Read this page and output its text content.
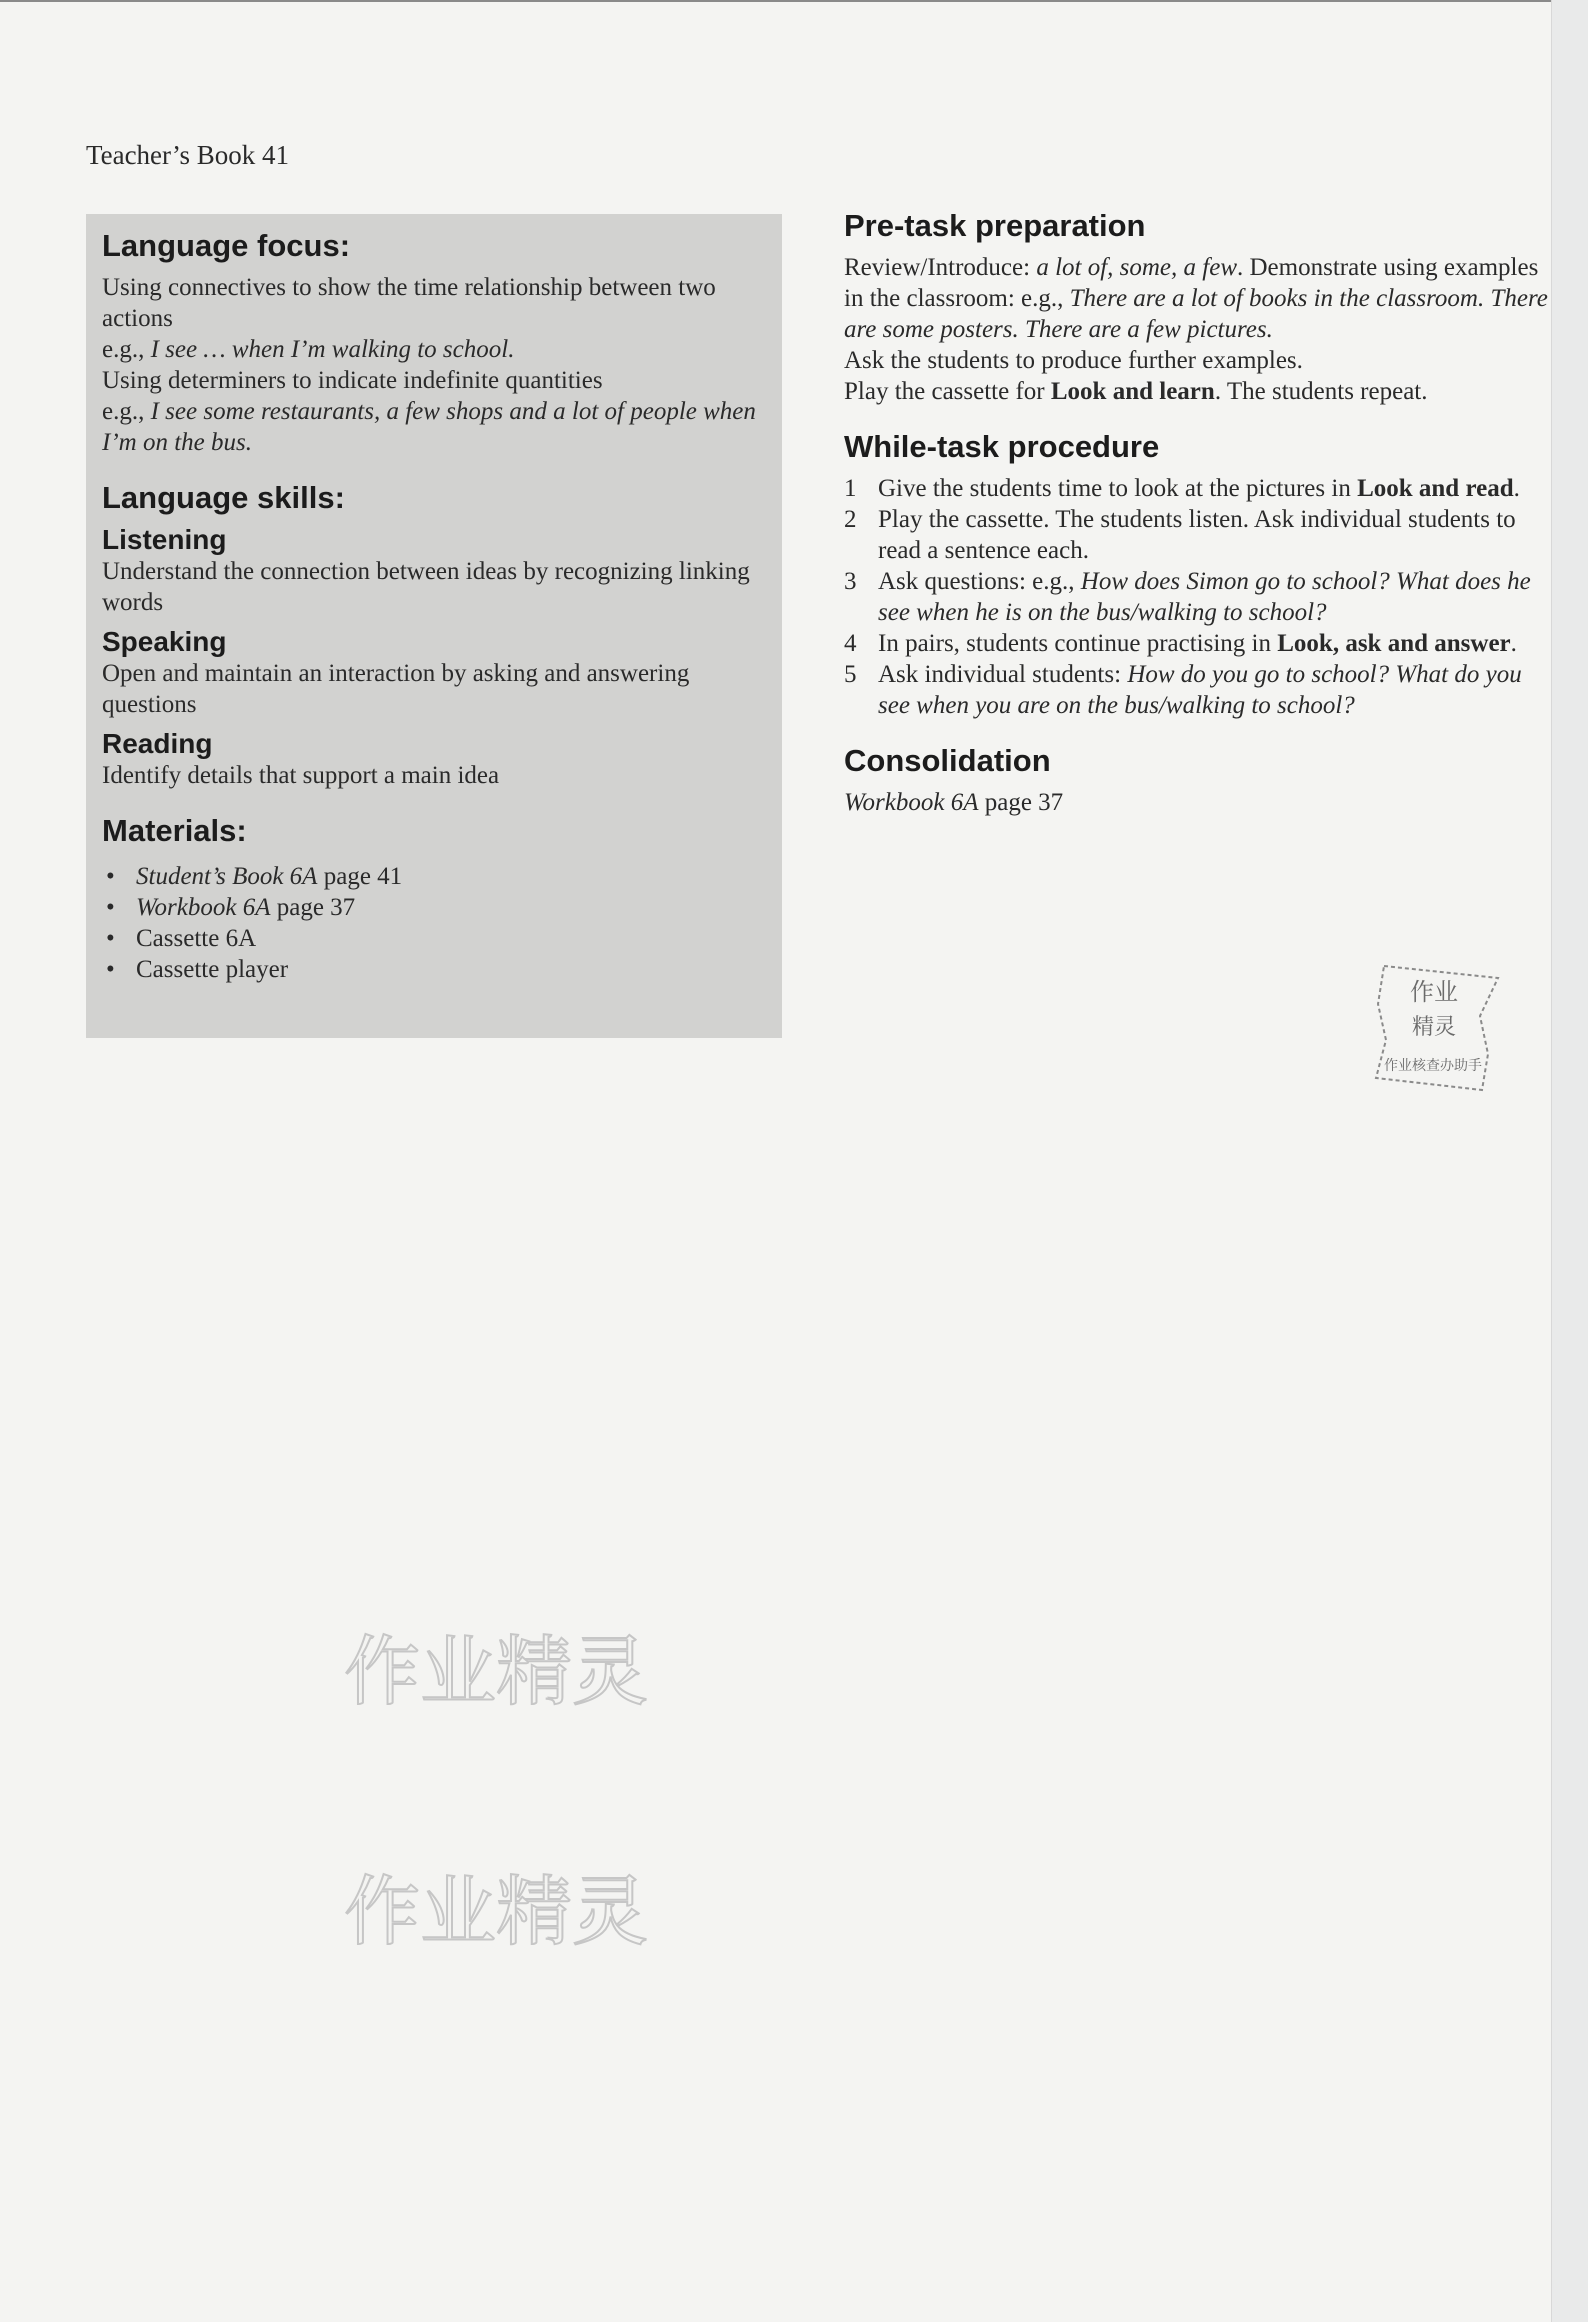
Teacher’s Book 41
Language focus:

Using connectives to show the time relationship between two actions

e.g., I see … when I’m walking to school.

Using determiners to indicate indefinite quantities

e.g., I see some restaurants, a few shops and a lot of people when I’m on the bus.

Language skills:
Listening

Understand the connection between ideas by recognizing linking words

Speaking

Open and maintain an interaction by asking and answering questions

Reading

Identify details that support a main idea

Materials:
• Student’s Book 6A page 41
• Workbook 6A page 37
• Cassette 6A
• Cassette player
Pre-task preparation

Review/Introduce: a lot of, some, a few. Demonstrate using examples in the classroom: e.g., There are a lot of books in the classroom. There are some posters. There are a few pictures.

Ask the students to produce further examples.

Play the cassette for Look and learn. The students repeat.

While-task procedure
1 Give the students time to look at the pictures in Look and read.
2 Play the cassette. The students listen. Ask individual students to read a sentence each.
3 Ask questions: e.g., How does Simon go to school? What does he see when he is on the bus/walking to school?
4 In pairs, students continue practising in Look, ask and answer.
5 Ask individual students: How do you go to school? What do you see when you are on the bus/walking to school?
Consolidation

Workbook 6A page 37

作业
精灵
作业核查办助手
作业精灵
作业精灵
